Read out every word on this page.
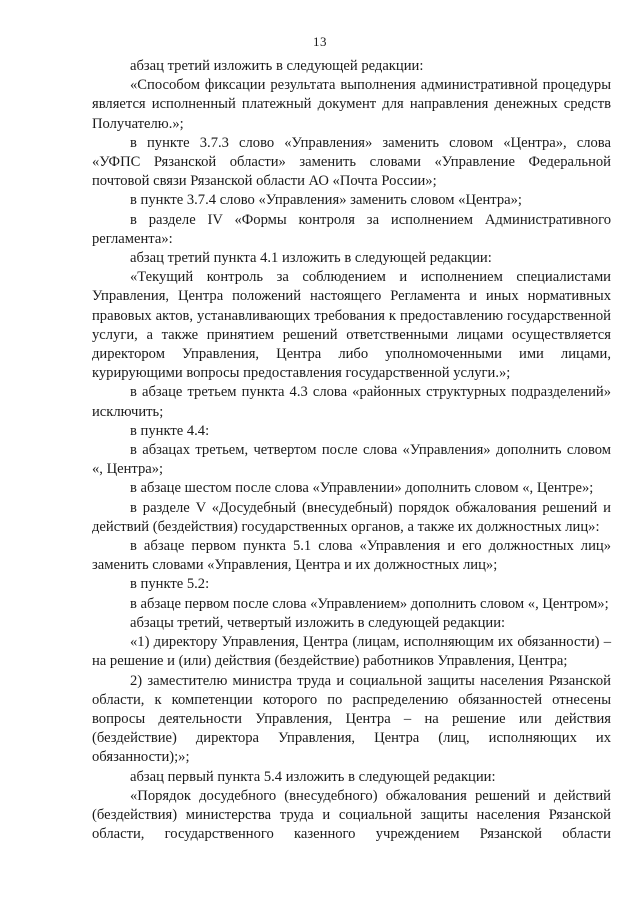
13

абзац третий изложить в следующей редакции:

«Способом фиксации результата выполнения административной процедуры является исполненный платежный документ для направления денежных средств Получателю.»;

в пункте 3.7.3 слово «Управления» заменить словом «Центра», слова «УФПС Рязанской области» заменить словами «Управление Федеральной почтовой связи Рязанской области АО «Почта России»;

в пункте 3.7.4 слово «Управления» заменить словом «Центра»;

в разделе IV «Формы контроля за исполнением Административного регламента»:

абзац третий пункта 4.1 изложить в следующей редакции:

«Текущий контроль за соблюдением и исполнением специалистами Управления, Центра положений настоящего Регламента и иных нормативных правовых актов, устанавливающих требования к предоставлению государственной услуги, а также принятием решений ответственными лицами осуществляется директором Управления, Центра либо уполномоченными ими лицами, курирующими вопросы предоставления государственной услуги.»;

в абзаце третьем пункта 4.3 слова «районных структурных подразделений» исключить;

в пункте 4.4:

в абзацах третьем, четвертом после слова «Управления» дополнить словом «, Центра»;

в абзаце шестом после слова «Управлении» дополнить словом «, Центре»;

в разделе V «Досудебный (внесудебный) порядок обжалования решений и действий (бездействия) государственных органов, а также их должностных лиц»:

в абзаце первом пункта 5.1 слова «Управления и его должностных лиц» заменить словами «Управления, Центра и их должностных лиц»;

в пункте 5.2:

в абзаце первом после слова «Управлением» дополнить словом «, Центром»;

абзацы третий, четвертый изложить в следующей редакции:

«1) директору Управления, Центра (лицам, исполняющим их обязанности) – на решение и (или) действия (бездействие) работников Управления, Центра;

2) заместителю министра труда и социальной защиты населения Рязанской области, к компетенции которого по распределению обязанностей отнесены вопросы деятельности Управления, Центра – на решение или действия (бездействие) директора Управления, Центра (лиц, исполняющих их обязанности);»;

абзац первый пункта 5.4 изложить в следующей редакции:

«Порядок досудебного (внесудебного) обжалования решений и действий (бездействия) министерства труда и социальной защиты населения Рязанской области, государственного казенного учреждением Рязанской области
